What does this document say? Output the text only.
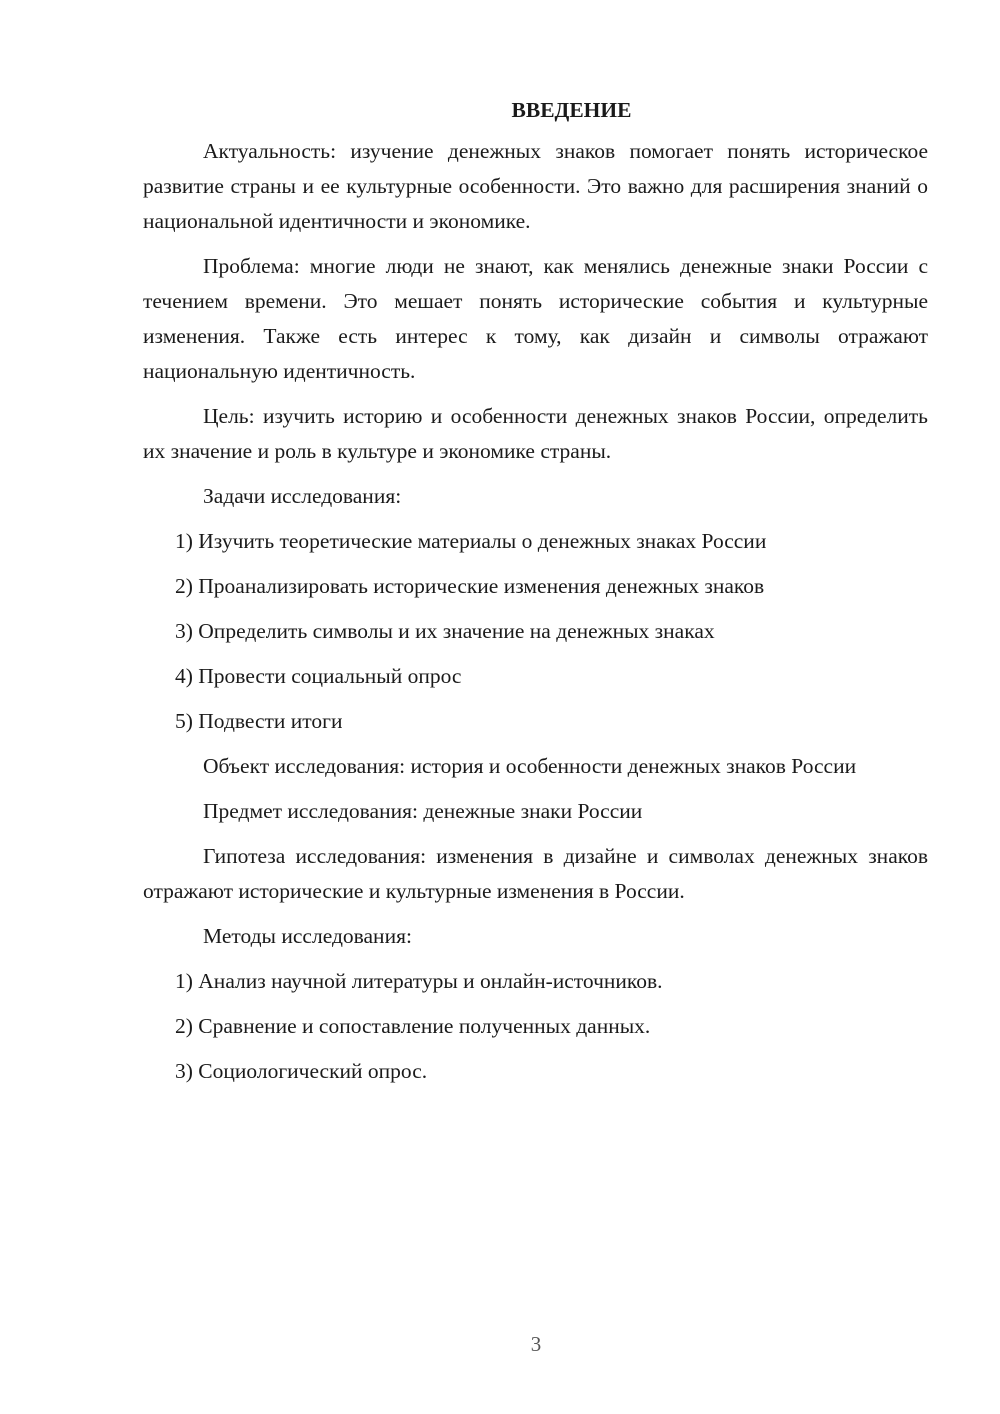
ВВЕДЕНИЕ

Актуальность: изучение денежных знаков помогает понять историческое развитие страны и ее культурные особенности. Это важно для расширения знаний о национальной идентичности и экономике.

Проблема: многие люди не знают, как менялись денежные знаки России с течением времени. Это мешает понять исторические события и культурные изменения. Также есть интерес к тому, как дизайн и символы отражают национальную идентичность.

Цель: изучить историю и особенности денежных знаков России, определить их значение и роль в культуре и экономике страны.

Задачи исследования:

1) Изучить теоретические материалы о денежных знаках России

2) Проанализировать исторические изменения денежных знаков

3) Определить символы и их значение на денежных знаках

4) Провести социальный опрос

5) Подвести итоги

Объект исследования: история и особенности денежных знаков России

Предмет исследования: денежные знаки России

Гипотеза исследования: изменения в дизайне и символах денежных знаков отражают исторические и культурные изменения в России.

Методы исследования:

1) Анализ научной литературы и онлайн-источников.

2) Сравнение и сопоставление полученных данных.

3) Социологический опрос.

3
